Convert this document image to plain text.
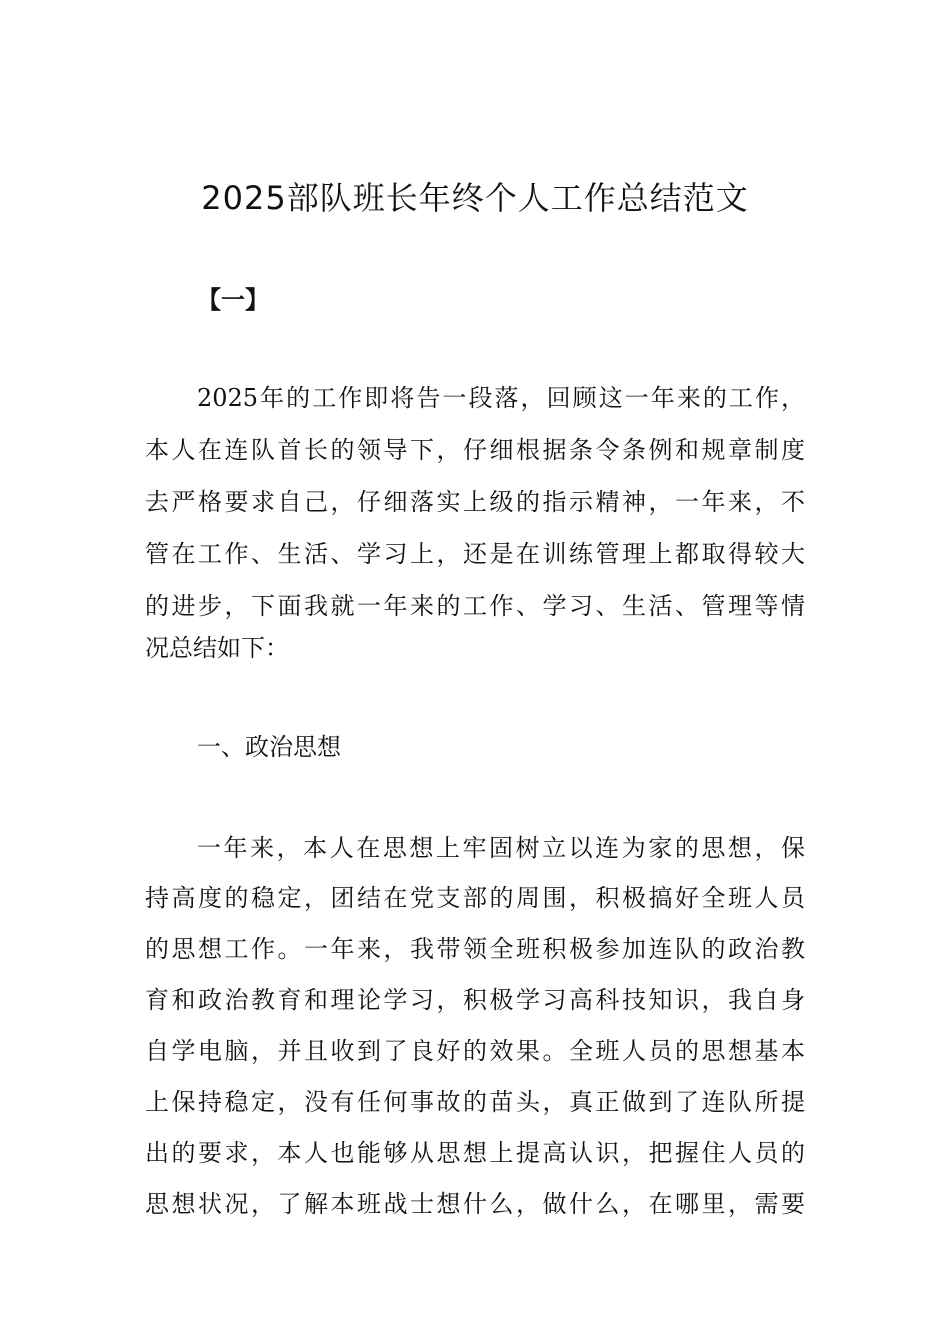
2025部队班长年终个人工作总结范文
【一】
2025年的工作即将告一段落，回顾这一年来的工作，
本人在连队首长的领导下，仔细根据条令条例和规章制度
去严格要求自己，仔细落实上级的指示精神，一年来，不
管在工作、生活、学习上，还是在训练管理上都取得较大
的进步，下面我就一年来的工作、学习、生活、管理等情
况总结如下：
一、政治思想
一年来，本人在思想上牢固树立以连为家的思想，保
持高度的稳定，团结在党支部的周围，积极搞好全班人员
的思想工作。一年来，我带领全班积极参加连队的政治教
育和政治教育和理论学习，积极学习高科技知识，我自身
自学电脑，并且收到了良好的效果。全班人员的思想基本
上保持稳定，没有任何事故的苗头，真正做到了连队所提
出的要求，本人也能够从思想上提高认识，把握住人员的
思想状况，了解本班战士想什么，做什么，在哪里，需要
